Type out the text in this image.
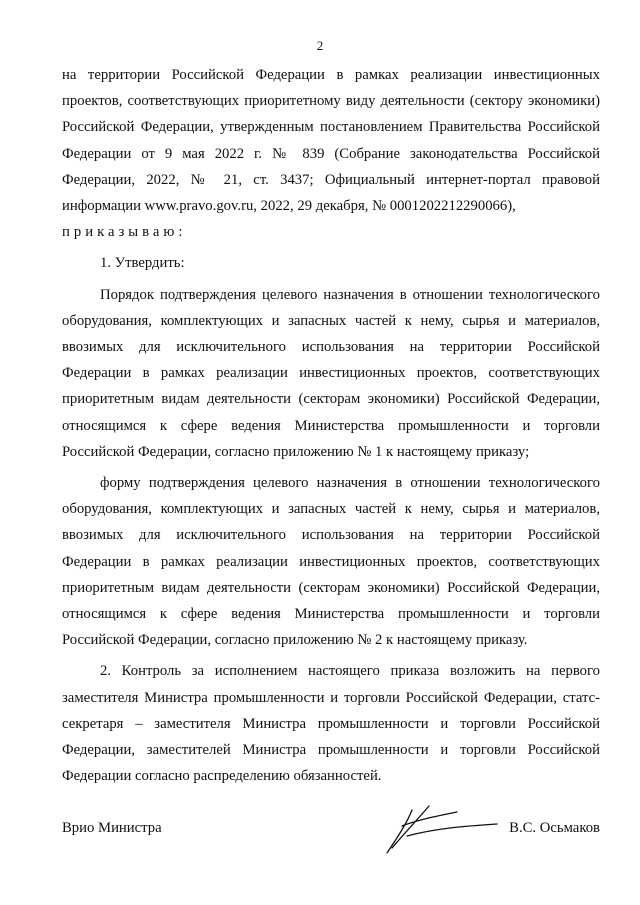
2

на территории Российской Федерации в рамках реализации инвестиционных проектов, соответствующих приоритетному виду деятельности (сектору экономики) Российской Федерации, утвержденным постановлением Правительства Российской Федерации от 9 мая 2022 г. № 839 (Собрание законодательства Российской Федерации, 2022, № 21, ст. 3437; Официальный интернет-портал правовой информации www.pravo.gov.ru, 2022, 29 декабря, № 0001202212290066),
приказываю:

1. Утвердить:

Порядок подтверждения целевого назначения в отношении технологического оборудования, комплектующих и запасных частей к нему, сырья и материалов, ввозимых для исключительного использования на территории Российской Федерации в рамках реализации инвестиционных проектов, соответствующих приоритетным видам деятельности (секторам экономики) Российской Федерации, относящимся к сфере ведения Министерства промышленности и торговли Российской Федерации, согласно приложению № 1 к настоящему приказу;

форму подтверждения целевого назначения в отношении технологического оборудования, комплектующих и запасных частей к нему, сырья и материалов, ввозимых для исключительного использования на территории Российской Федерации в рамках реализации инвестиционных проектов, соответствующих приоритетным видам деятельности (секторам экономики) Российской Федерации, относящимся к сфере ведения Министерства промышленности и торговли Российской Федерации, согласно приложению № 2 к настоящему приказу.

2. Контроль за исполнением настоящего приказа возложить на первого заместителя Министра промышленности и торговли Российской Федерации, статс-секретаря – заместителя Министра промышленности и торговли Российской Федерации, заместителей Министра промышленности и торговли Российской Федерации согласно распределению обязанностей.

Врио Министра	В.С. Осьмаков
